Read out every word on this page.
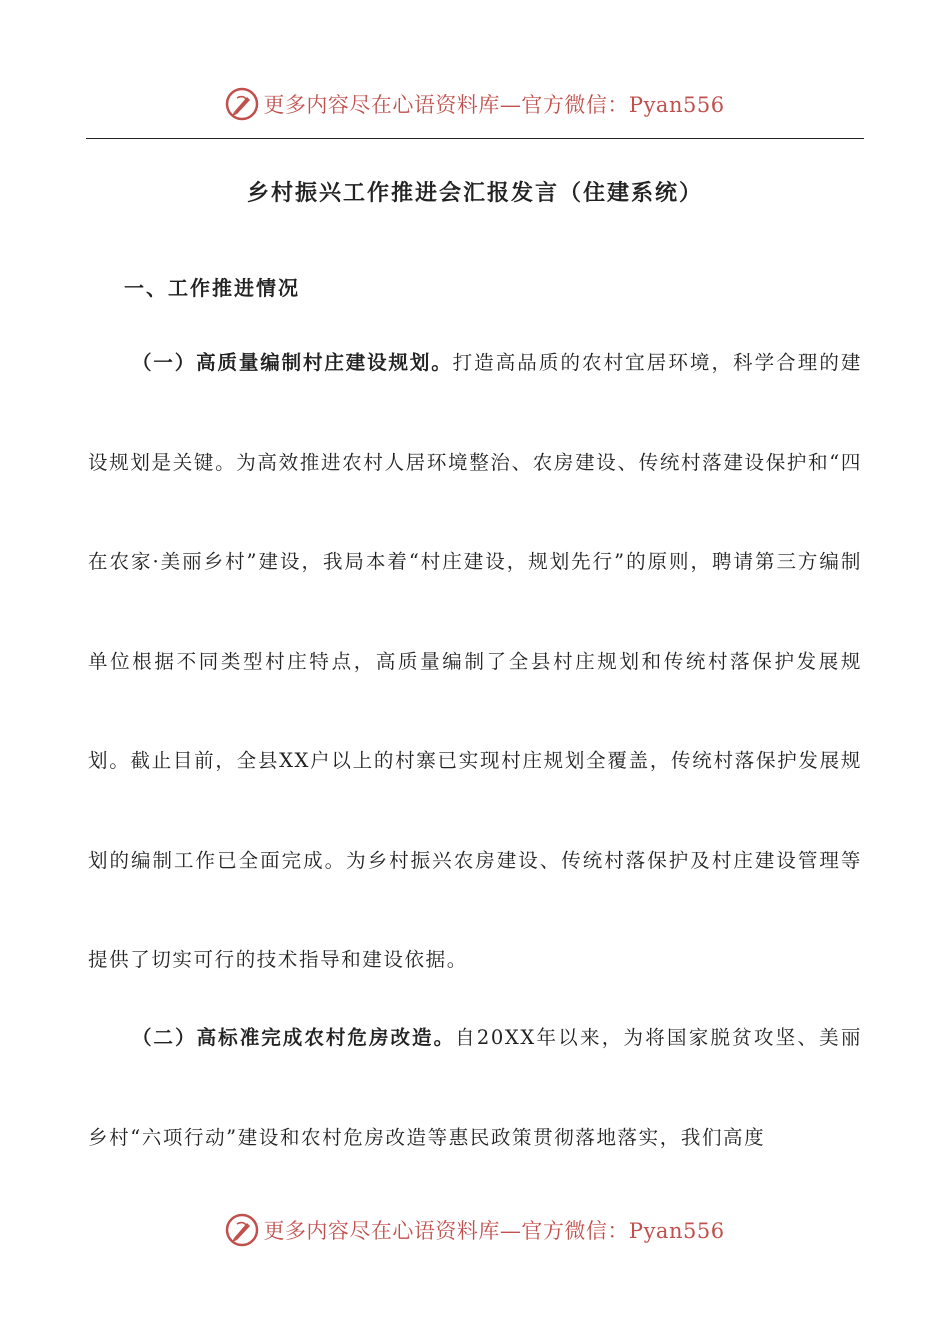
更多内容尽在心语资料库—官方微信：Pyan556
乡村振兴工作推进会汇报发言（住建系统）
一、工作推进情况
（一）高质量编制村庄建设规划。打造高品质的农村宜居环境，科学合理的建设规划是关键。为高效推进农村人居环境整治、农房建设、传统村落建设保护和“四在农家·美丽乡村”建设，我局本着“村庄建设，规划先行”的原则，聘请第三方编制单位根据不同类型村庄特点，高质量编制了全县村庄规划和传统村落保护发展规划。截止目前，全县XX户以上的村寨已实现村庄规划全覆盖，传统村落保护发展规划的编制工作已全面完成。为乡村振兴农房建设、传统村落保护及村庄建设管理等提供了切实可行的技术指导和建设依据。
（二）高标准完成农村危房改造。自20XX年以来，为将国家脱贫攻坚、美丽乡村“六项行动”建设和农村危房改造等惠民政策贯彻落地落实，我们高度
更多内容尽在心语资料库—官方微信：Pyan556
